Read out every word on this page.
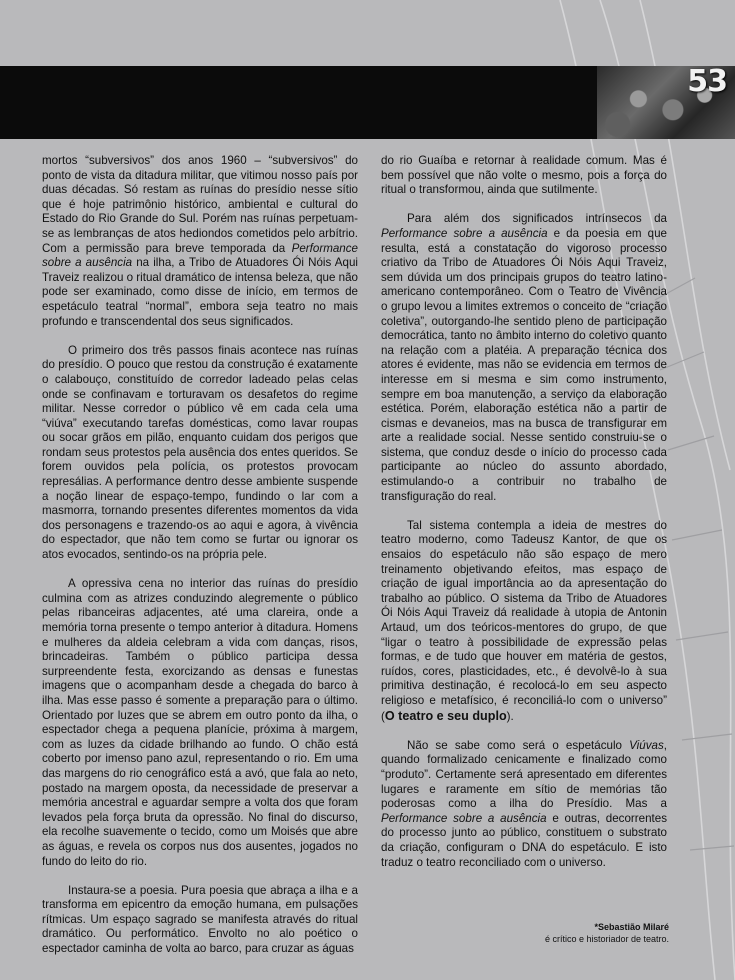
53

mortos “subversivos” dos anos 1960 – “subversivos” do ponto de vista da ditadura militar, que vitimou nosso país por duas décadas. Só restam as ruínas do presídio nesse sítio que é hoje patrimônio histórico, ambiental e cultural do Estado do Rio Grande do Sul. Porém nas ruínas perpetuam-se as lembranças de atos hediondos cometidos pelo arbítrio. Com a permissão para breve temporada da Performance sobre a ausência na ilha, a Tribo de Atuadores Ói Nóis Aqui Traveiz realizou o ritual dramático de intensa beleza, que não pode ser examinado, como disse de início, em termos de espetáculo teatral “normal”, embora seja teatro no mais profundo e transcendental dos seus significados.

O primeiro dos três passos finais acontece nas ruínas do presídio. O pouco que restou da construção é exatamente o calabouço, constituído de corredor ladeado pelas celas onde se confinavam e torturavam os desafetos do regime militar. Nesse corredor o público vê em cada cela uma “viúva” executando tarefas domésticas, como lavar roupas ou socar grãos em pilão, enquanto cuidam dos perigos que rondam seus protestos pela ausência dos entes queridos. Se forem ouvidos pela polícia, os protestos provocam represálias. A performance dentro desse ambiente suspende a noção linear de espaço-tempo, fundindo o lar com a masmorra, tornando presentes diferentes momentos da vida dos personagens e trazendo-os ao aqui e agora, à vivência do espectador, que não tem como se furtar ou ignorar os atos evocados, sentindo-os na própria pele.

A opressiva cena no interior das ruínas do presídio culmina com as atrizes conduzindo alegremente o público pelas ribanceiras adjacentes, até uma clareira, onde a memória torna presente o tempo anterior à ditadura. Homens e mulheres da aldeia celebram a vida com danças, risos, brincadeiras. Também o público participa dessa surpreendente festa, exorcizando as densas e funestas imagens que o acompanham desde a chegada do barco à ilha. Mas esse passo é somente a preparação para o último. Orientado por luzes que se abrem em outro ponto da ilha, o espectador chega a pequena planície, próxima à margem, com as luzes da cidade brilhando ao fundo. O chão está coberto por imenso pano azul, representando o rio. Em uma das margens do rio cenográfico está a avó, que fala ao neto, postado na margem oposta, da necessidade de preservar a memória ancestral e aguardar sempre a volta dos que foram levados pela força bruta da opressão. No final do discurso, ela recolhe suavemente o tecido, como um Moisés que abre as águas, e revela os corpos nus dos ausentes, jogados no fundo do leito do rio.

Instaura-se a poesia. Pura poesia que abraça a ilha e a transforma em epicentro da emoção humana, em pulsações rítmicas. Um espaço sagrado se manifesta através do ritual dramático. Ou performático. Envolto no alo poético o espectador caminha de volta ao barco, para cruzar as águas

do rio Guaíba e retornar à realidade comum. Mas é bem possível que não volte o mesmo, pois a força do ritual o transformou, ainda que sutilmente.

Para além dos significados intrínsecos da Performance sobre a ausência e da poesia em que resulta, está a constatação do vigoroso processo criativo da Tribo de Atuadores Ói Nóis Aqui Traveiz, sem dúvida um dos principais grupos do teatro latino-americano contemporâneo. Com o Teatro de Vivência o grupo levou a limites extremos o conceito de “criação coletiva”, outorgando-lhe sentido pleno de participação democrática, tanto no âmbito interno do coletivo quanto na relação com a platéia. A preparação técnica dos atores é evidente, mas não se evidencia em termos de interesse em si mesma e sim como instrumento, sempre em boa manutenção, a serviço da elaboração estética. Porém, elaboração estética não a partir de cismas e devaneios, mas na busca de transfigurar em arte a realidade social. Nesse sentido construiu-se o sistema, que conduz desde o início do processo cada participante ao núcleo do assunto abordado, estimulando-o a contribuir no trabalho de transfiguração do real.

Tal sistema contempla a ideia de mestres do teatro moderno, como Tadeusz Kantor, de que os ensaios do espetáculo não são espaço de mero treinamento objetivando efeitos, mas espaço de criação de igual importância ao da apresentação do trabalho ao público. O sistema da Tribo de Atuadores Ói Nóis Aqui Traveiz dá realidade à utopia de Antonin Artaud, um dos teóricos-mentores do grupo, de que “ligar o teatro à possibilidade de expressão pelas formas, e de tudo que houver em matéria de gestos, ruídos, cores, plasticidades, etc., é devolvê-lo à sua primitiva destinação, é recolocá-lo em seu aspecto religioso e metafísico, é reconciliá-lo com o universo” (O teatro e seu duplo).

Não se sabe como será o espetáculo Viúvas, quando formalizado cenicamente e finalizado como “produto”. Certamente será apresentado em diferentes lugares e raramente em sítio de memórias tão poderosas como a ilha do Presídio. Mas a Performance sobre a ausência e outras, decorrentes do processo junto ao público, constituem o substrato da criação, configuram o DNA do espetáculo. E isto traduz o teatro reconciliado com o universo.

*Sebastião Milaré
é crítico e historiador de teatro.
